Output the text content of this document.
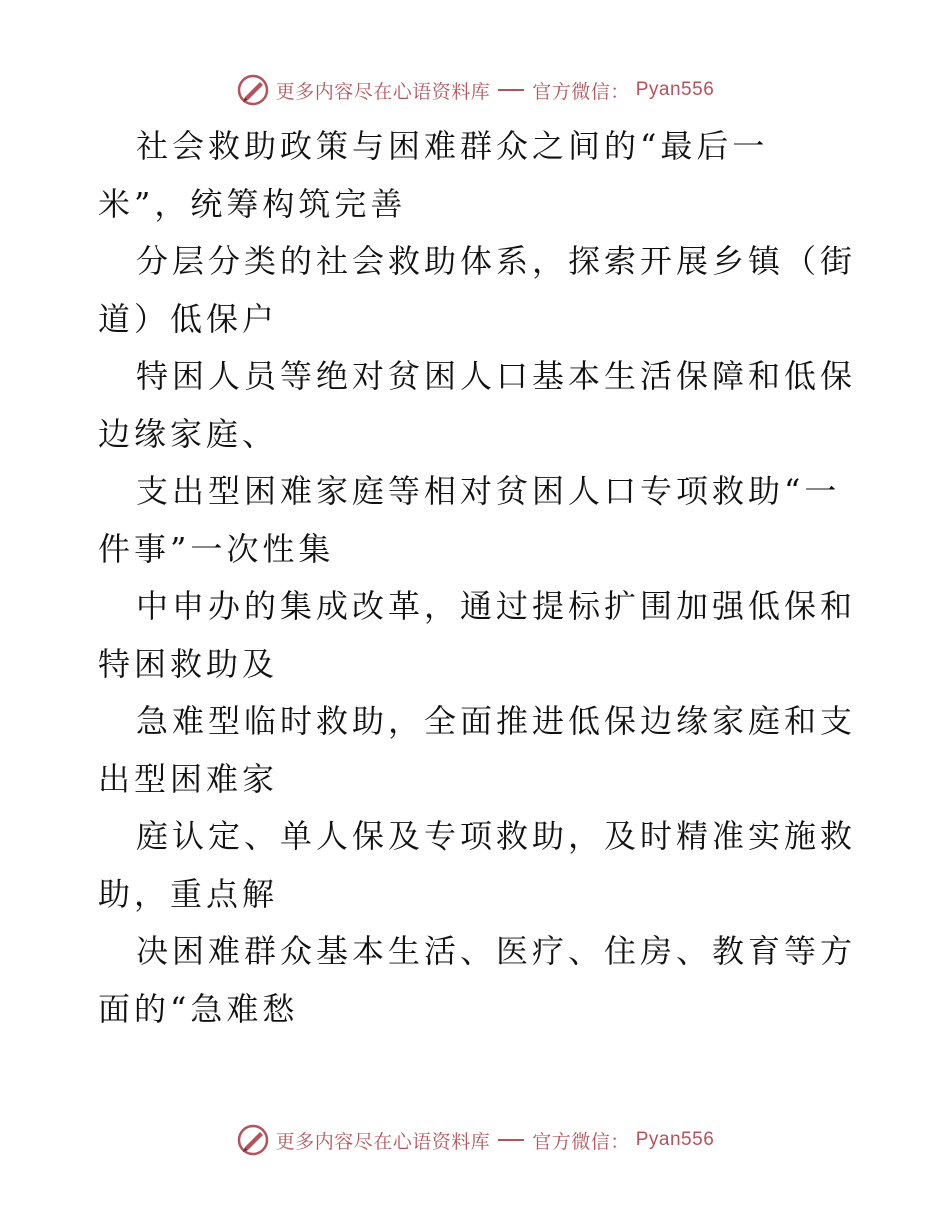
更多内容尽在心语资料库 官方微信： Pyan556

社会救助政策与困难群众之间的“最后一米”，统筹构筑完善

分层分类的社会救助体系，探索开展乡镇（街道）低保户

特困人员等绝对贫困人口基本生活保障和低保边缘家庭、

支出型困难家庭等相对贫困人口专项救助“一件事”一次性集

中申办的集成改革，通过提标扩围加强低保和特困救助及

急难型临时救助，全面推进低保边缘家庭和支出型困难家

庭认定、单人保及专项救助，及时精准实施救助，重点解

决困难群众基本生活、医疗、住房、教育等方面的“急难愁

更多内容尽在心语资料库 官方微信： Pyan556
